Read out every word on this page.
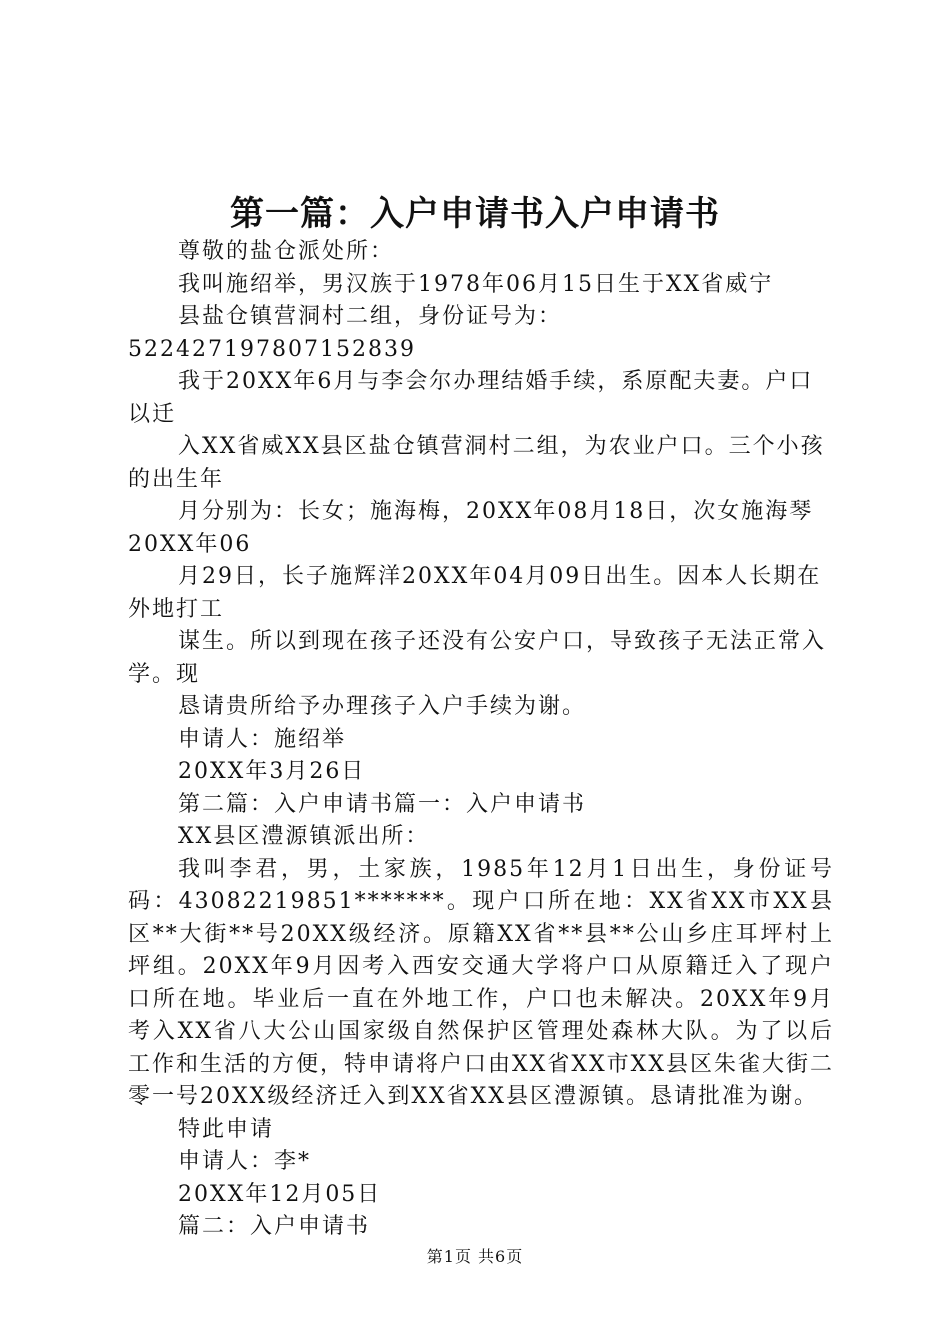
第一篇：入户申请书入户申请书

尊敬的盐仓派处所：

我叫施绍举，男汉族于1978年06月15日生于XX省威宁

县盐仓镇营洞村二组，身份证号为：522427197807152839

我于20XX年6月与李会尔办理结婚手续，系原配夫妻。户口以迁

入XX省威XX县区盐仓镇营洞村二组，为农业户口。三个小孩的出生年

月分别为：长女；施海梅，20XX年08月18日，次女施海琴20XX年06

月29日，长子施辉洋20XX年04月09日出生。因本人长期在外地打工

谋生。所以到现在孩子还没有公安户口，导致孩子无法正常入学。现

恳请贵所给予办理孩子入户手续为谢。

申请人：施绍举

20XX年3月26日

第二篇：入户申请书篇一：入户申请书

XX县区澧源镇派出所：

我叫李君，男，土家族，1985年12月1日出生，身份证号码：43082219851*******。现户口所在地：XX省XX市XX县区**大街**号20XX级经济。原籍XX省**县**公山乡庄耳坪村上坪组。20XX年9月因考入西安交通大学将户口从原籍迁入了现户口所在地。毕业后一直在外地工作，户口也未解决。20XX年9月考入XX省八大公山国家级自然保护区管理处森林大队。为了以后工作和生活的方便，特申请将户口由XX省XX市XX县区朱雀大街二零一号20XX级经济迁入到XX省XX县区澧源镇。恳请批准为谢。

特此申请

申请人：李*

20XX年12月05日

篇二：入户申请书

第1页 共6页
